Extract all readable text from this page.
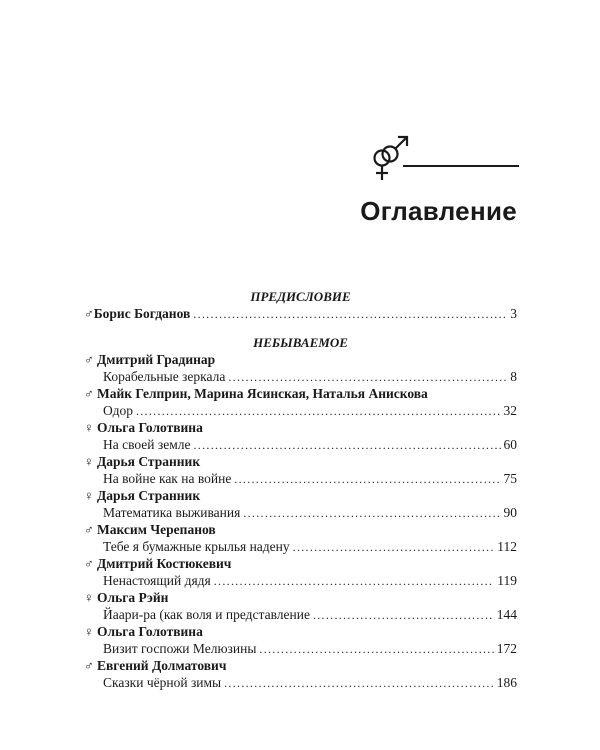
Оглавление
ПРЕДИСЛОВИЕ
♂ Борис Богданов .....	3
НЕБЫВАЕМОЕ
♂ Дмитрий Градинар
Корабельные зеркала .....	8
♂ Майк Гелприн, Марина Ясинская, Наталья Анискова
Одор .....	32
♀ Ольга Голотвина
На своей земле .....	60
♀ Дарья Странник
На войне как на войне .....	75
♀ Дарья Странник
Математика выживания .....	90
♂ Максим Черепанов
Тебе я бумажные крылья надену .....	112
♂ Дмитрий Костюкевич
Ненастоящий дядя .....	119
♀ Ольга Рэйн
Йаари-ра (как воля и представление .....	144
♀ Ольга Голотвина
Визит госпожи Мелюзины .....	172
♂ Евгений Долматович
Сказки чёрной зимы .....	186
